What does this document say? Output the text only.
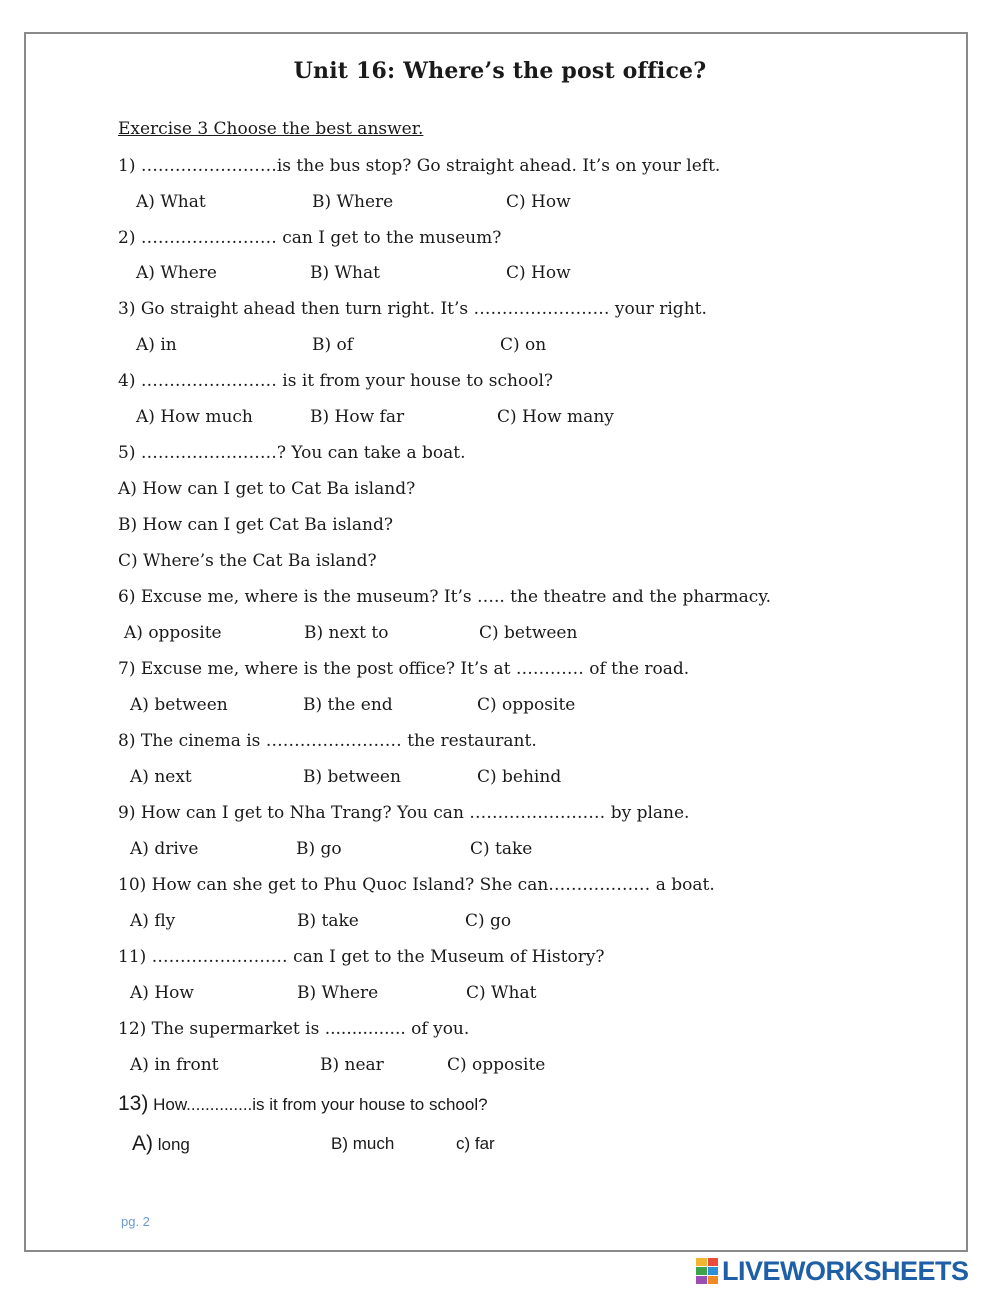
Unit 16: Where’s the post office?
Exercise 3 Choose the best answer.
1) ……………………is the bus stop? Go straight ahead. It’s on your left.
A) What	B) Where	C) How
2) …………………… can I get to the museum?
A) Where	B) What	C) How
3) Go straight ahead then turn right. It’s …………………… your right.
A) in	B) of	C) on
4) …………………… is it from your house to school?
A) How much	B) How far	C) How many
5) ……………………? You can take a boat.
A) How can I get to Cat Ba island?
B) How can I get Cat Ba island?
C) Where’s the Cat Ba island?
6) Excuse me, where is the museum? It’s ….. the theatre and the pharmacy.
A) opposite	B) next to	C) between
7) Excuse me, where is the post office? It’s at ………… of the road.
A) between	B) the end	C) opposite
8) The cinema is …………………… the restaurant.
A) next	B) between	C) behind
9) How can I get to Nha Trang? You can …………………… by plane.
A) drive	B) go	C) take
10) How can she get to Phu Quoc Island? She can……………… a boat.
A) fly	B) take	C) go
11) …………………… can I get to the Museum of History?
A) How	B) Where	C) What
12) The supermarket is ............... of you.
A) in front	B) near	C) opposite
13) How..............is it from your house to school?
A) long	B) much	c) far
pg. 2
LIVEWORKSHEETS
